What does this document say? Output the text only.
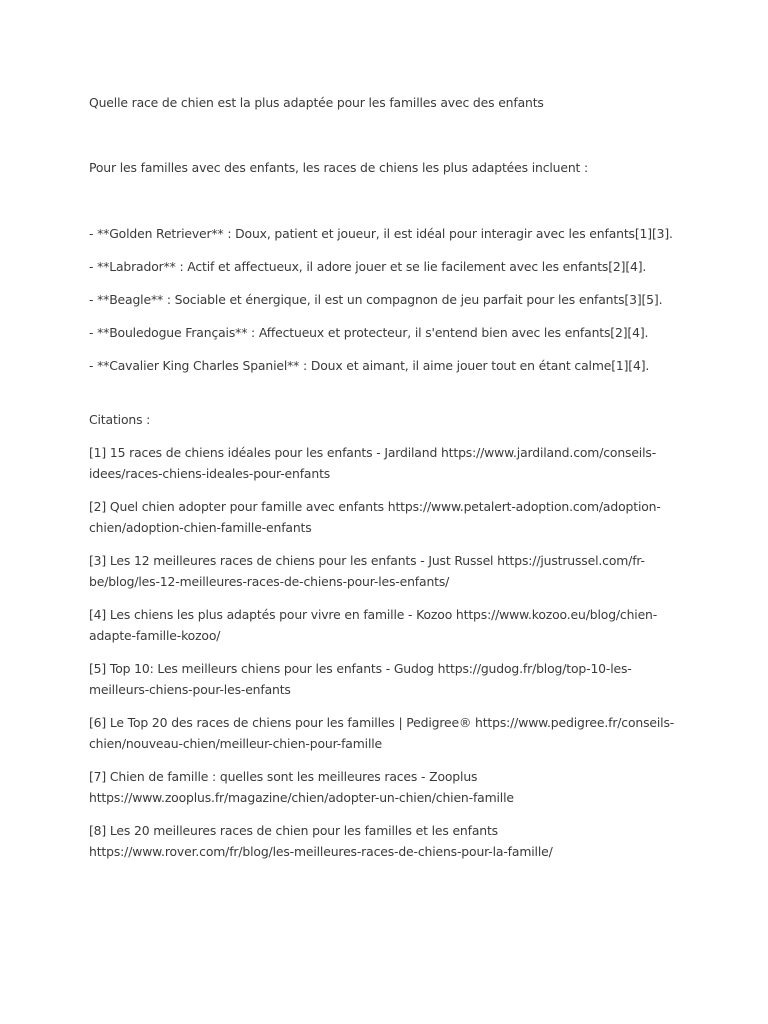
Quelle race de chien est la plus adaptée pour les familles avec des enfants

Pour les familles avec des enfants, les races de chiens les plus adaptées incluent :

- **Golden Retriever** : Doux, patient et joueur, il est idéal pour interagir avec les enfants[1][3].

- **Labrador** : Actif et affectueux, il adore jouer et se lie facilement avec les enfants[2][4].

- **Beagle** : Sociable et énergique, il est un compagnon de jeu parfait pour les enfants[3][5].

- **Bouledogue Français** : Affectueux et protecteur, il s'entend bien avec les enfants[2][4].

- **Cavalier King Charles Spaniel** : Doux et aimant, il aime jouer tout en étant calme[1][4].

Citations :

[1] 15 races de chiens idéales pour les enfants - Jardiland https://www.jardiland.com/conseils-
idees/races-chiens-ideales-pour-enfants

[2] Quel chien adopter pour famille avec enfants https://www.petalert-adoption.com/adoption-
chien/adoption-chien-famille-enfants

[3] Les 12 meilleures races de chiens pour les enfants - Just Russel https://justrussel.com/fr-
be/blog/les-12-meilleures-races-de-chiens-pour-les-enfants/

[4] Les chiens les plus adaptés pour vivre en famille - Kozoo https://www.kozoo.eu/blog/chien-
adapte-famille-kozoo/

[5] Top 10: Les meilleurs chiens pour les enfants - Gudog https://gudog.fr/blog/top-10-les-
meilleurs-chiens-pour-les-enfants

[6] Le Top 20 des races de chiens pour les familles | Pedigree® https://www.pedigree.fr/conseils-
chien/nouveau-chien/meilleur-chien-pour-famille

[7] Chien de famille : quelles sont les meilleures races - Zooplus
https://www.zooplus.fr/magazine/chien/adopter-un-chien/chien-famille

[8] Les 20 meilleures races de chien pour les familles et les enfants
https://www.rover.com/fr/blog/les-meilleures-races-de-chiens-pour-la-famille/
